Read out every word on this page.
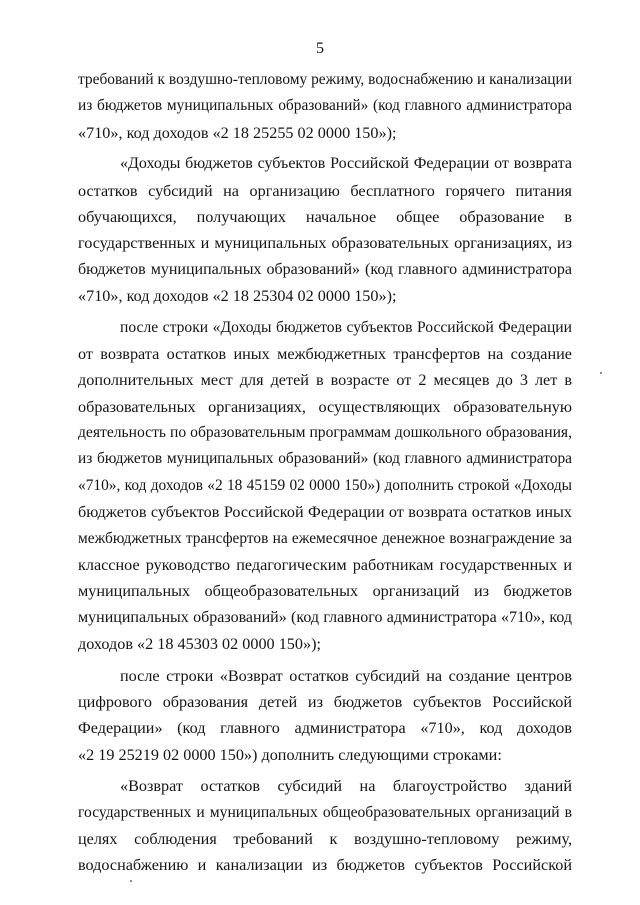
5
требований к воздушно-тепловому режиму, водоснабжению и канализации
из бюджетов муниципальных образований» (код главного администратора
«710», код доходов «2 18 25255 02 0000 150»);
«Доходы бюджетов субъектов Российской Федерации от возврата
остатков субсидий на организацию бесплатного горячего питания
обучающихся, получающих начальное общее образование в
государственных и муниципальных образовательных организациях, из
бюджетов муниципальных образований» (код главного администратора
«710», код доходов «2 18 25304 02 0000 150»);
после строки «Доходы бюджетов субъектов Российской Федерации
от возврата остатков иных межбюджетных трансфертов на создание
дополнительных мест для детей в возрасте от 2 месяцев до 3 лет в
образовательных организациях, осуществляющих образовательную
деятельность по образовательным программам дошкольного образования,
из бюджетов муниципальных образований» (код главного администратора
«710», код доходов «2 18 45159 02 0000 150») дополнить строкой «Доходы
бюджетов субъектов Российской Федерации от возврата остатков иных
межбюджетных трансфертов на ежемесячное денежное вознаграждение за
классное руководство педагогическим работникам государственных и
муниципальных общеобразовательных организаций из бюджетов
муниципальных образований» (код главного администратора «710», код
доходов «2 18 45303 02 0000 150»);
после строки «Возврат остатков субсидий на создание центров
цифрового образования детей из бюджетов субъектов Российской
Федерации» (код главного администратора «710», код доходов
«2 19 25219 02 0000 150») дополнить следующими строками:
«Возврат остатков субсидий на благоустройство зданий
государственных и муниципальных общеобразовательных организаций в
целях соблюдения требований к воздушно-тепловому режиму,
водоснабжению и канализации из бюджетов субъектов Российской
